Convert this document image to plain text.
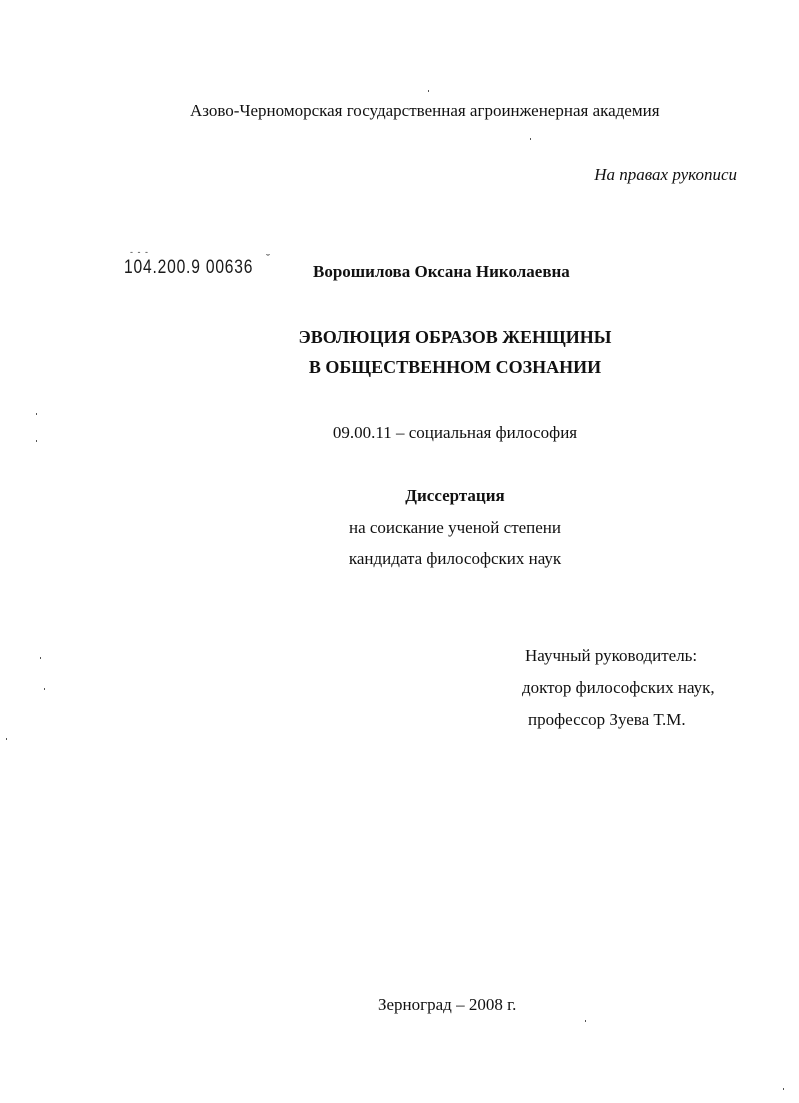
Азово-Черноморская государственная агроинженерная академия
На правах рукописи
- - -
104.200.9 00636 ˘
Ворошилова Оксана Николаевна
ЭВОЛЮЦИЯ ОБРАЗОВ ЖЕНЩИНЫ
В ОБЩЕСТВЕННОМ СОЗНАНИИ
09.00.11 – социальная философия
Диссертация
на соискание ученой степени
кандидата философских наук
Научный руководитель:
доктор философских наук,
профессор Зуева Т.М.
Зерноград – 2008 г.
